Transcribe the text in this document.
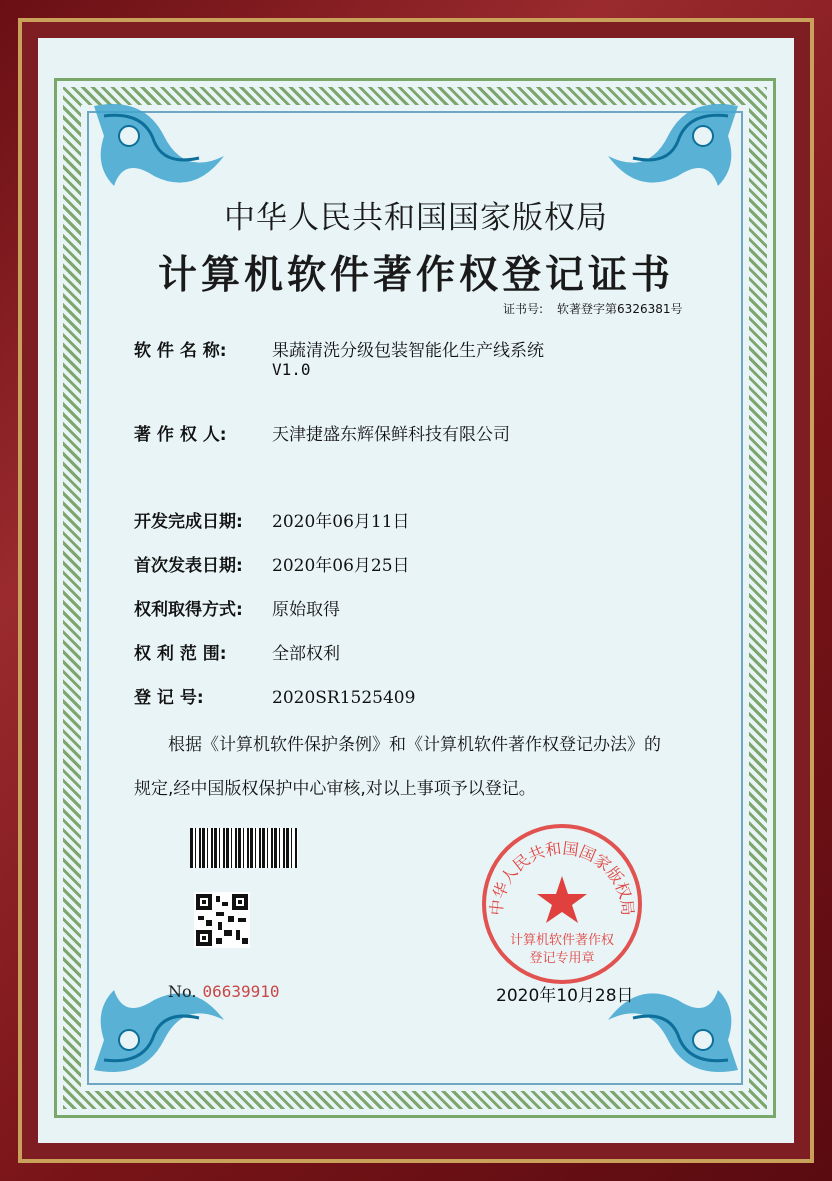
中华人民共和国国家版权局
计算机软件著作权登记证书
证书号: 软著登字第6326381号
软 件 名 称:	果蔬清洗分级包装智能化生产线系统
V1.0
著 作 权 人:	天津捷盛东辉保鲜科技有限公司
开发完成日期: 2020年06月11日
首次发表日期: 2020年06月25日
权利取得方式: 原始取得
权 利 范 围:	全部权利
登 记 号:	2020SR1525409
根据《计算机软件保护条例》和《计算机软件著作权登记办法》的
规定,经中国版权保护中心审核,对以上事项予以登记。
No. 06639910
中华人民共和国国家版权局
计算机软件著作权
登记专用章
2020年10月28日
